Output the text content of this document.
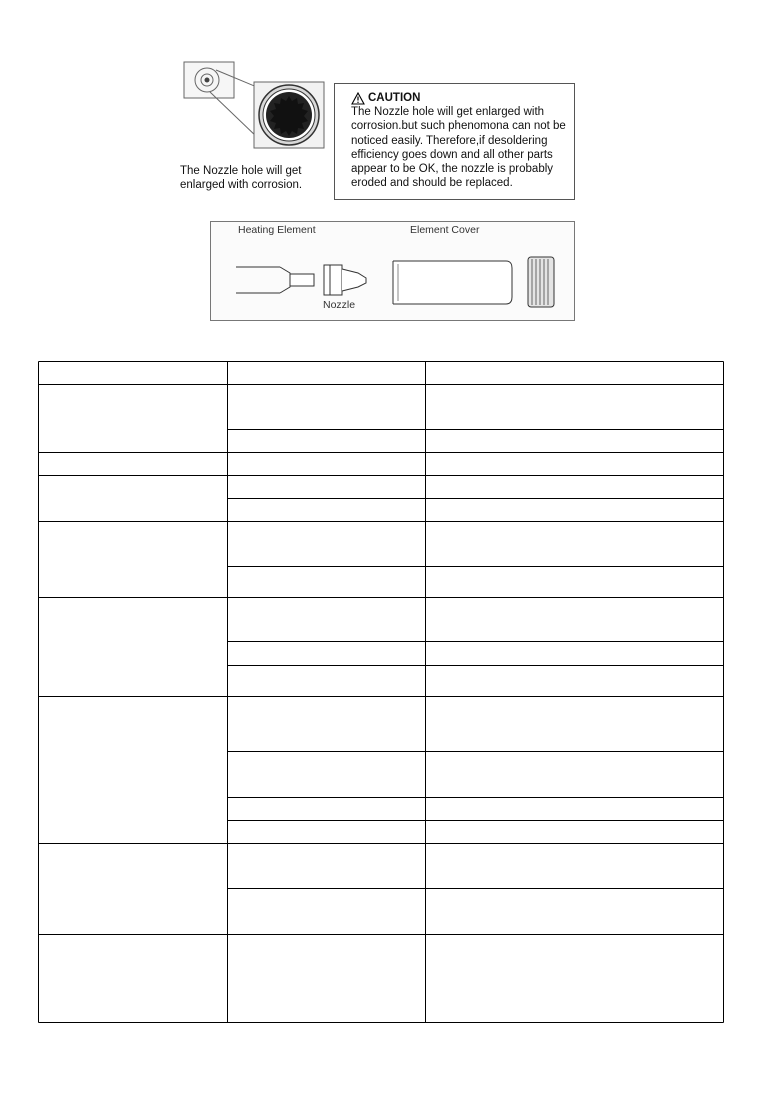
The Nozzle hole will get enlarged with corrosion.
CAUTION
The Nozzle hole will get enlarged with corrosion.but such phenomona can not be noticed easily. Therefore,if desoldering efficiency goes down and all other parts appear to be OK, the nozzle is probably eroded and should be replaced.
Heating Element	Element Cover
Nozzle
